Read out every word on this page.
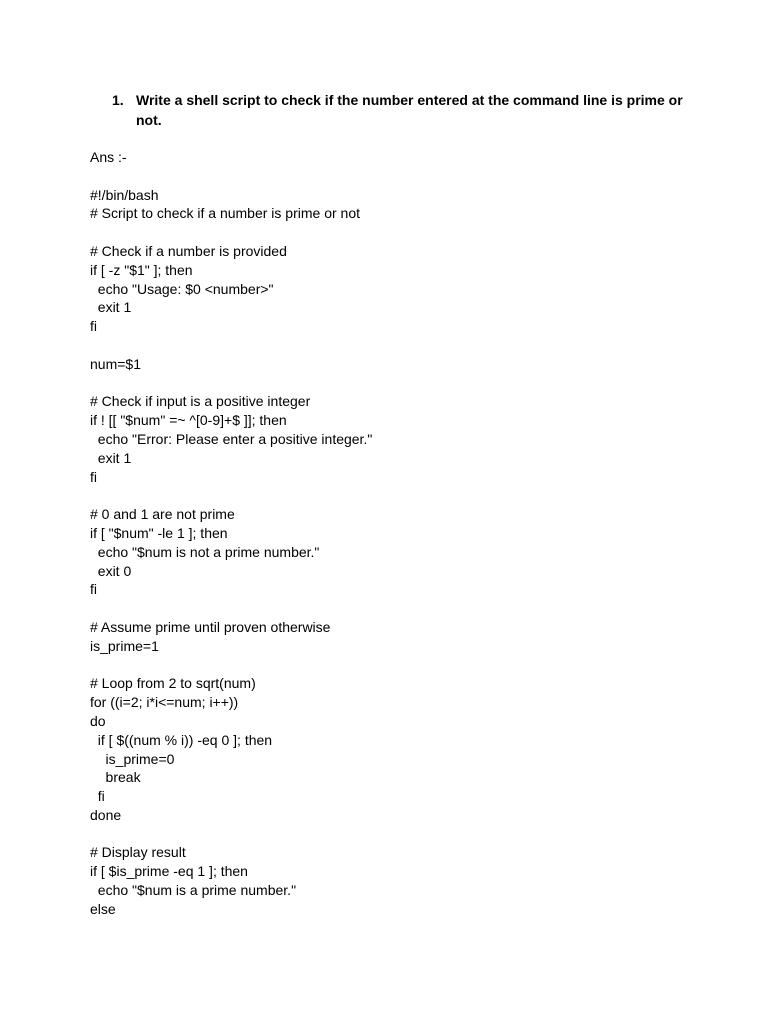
1. Write a shell script to check if the number entered at the command line is prime or not.
Ans :-
#!/bin/bash
# Script to check if a number is prime or not
# Check if a number is provided
if [ -z "$1" ]; then
echo "Usage: $0 <number>"
exit 1
fi
num=$1
# Check if input is a positive integer
if ! [[ "$num" =~ ^[0-9]+$ ]]; then
echo "Error: Please enter a positive integer."
exit 1
fi
# 0 and 1 are not prime
if [ "$num" -le 1 ]; then
echo "$num is not a prime number."
exit 0
fi
# Assume prime until proven otherwise
is_prime=1
# Loop from 2 to sqrt(num)
for ((i=2; i*i<=num; i++))
do
if [ $((num % i)) -eq 0 ]; then
is_prime=0
break
fi
done
# Display result
if [ $is_prime -eq 1 ]; then
echo "$num is a prime number."
else
